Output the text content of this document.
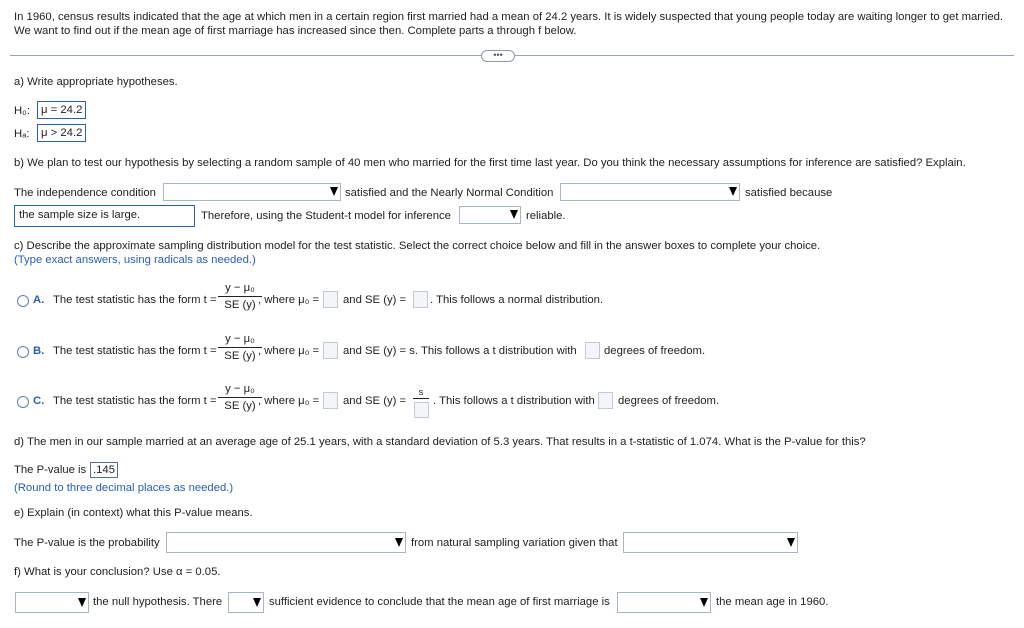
In 1960, census results indicated that the age at which men in a certain region first married had a mean of 24.2 years. It is widely suspected that young people today are waiting longer to get married. We want to find out if the mean age of first marriage has increased since then. Complete parts a through f below.
•••
a) Write appropriate hypotheses.
H₀: μ = 24.2
Hₐ:	μ > 24.2
b) We plan to test our hypothesis by selecting a random sample of 40 men who married for the first time last year. Do you think the necessary assumptions for inference are satisfied? Explain.
The independence condition	satisfied and the Nearly Normal Condition	satisfied because
the sample size is large.	Therefore, using the Student-t model for inference	reliable.
c) Describe the approximate sampling distribution model for the test statistic. Select the correct choice below and fill in the answer boxes to complete your choice.
(Type exact answers, using radicals as needed.)
A. The test statistic has the form $t = \frac{\text{y − μ₀}}{SE (y)}$
, where μ₀ = and SE (y) = . This follows a normal distribution.
B. The test statistic has the form $t = \frac{\text{y − μ₀}}{SE (y)}$
, where μ₀ = and SE (y) = s. This follows a t distribution with degrees of freedom.
C. The test statistic has the form $t = \frac{\text{y − μ₀}}{SE (y)}$
, where μ₀ = and SE (y) =
s
. This follows a t distribution with degrees of freedom.
d) The men in our sample married at an average age of 25.1 years, with a standard deviation of 5.3 years. That results in a t-statistic of 1.074. What is the P-value for this?
The P-value is .145
(Round to three decimal places as needed.)
e) Explain (in context) what this P-value means.
The P-value is the probability	from natural sampling variation given that
f) What is your conclusion? Use α = 0.05.
the null hypothesis. There	sufficient evidence to conclude that the mean age of first marriage is	the mean age in 1960.
